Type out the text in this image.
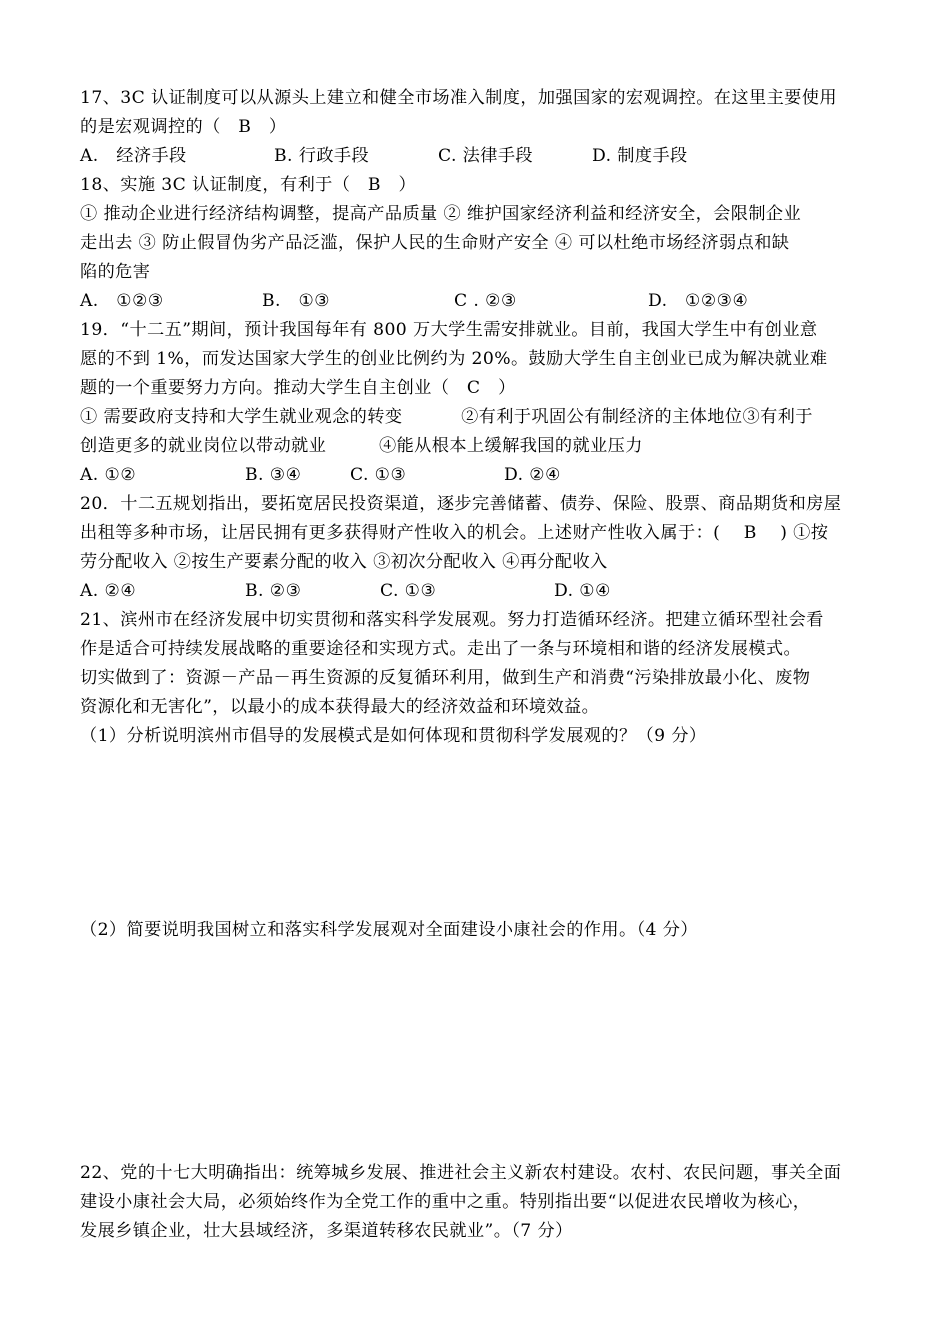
17、3C 认证制度可以从源头上建立和健全市场准入制度，加强国家的宏观调控。在这里主要使用
的是宏观调控的（   B   ）
A.   经济手段	B. 行政手段	C. 法律手段	D. 制度手段
18、实施 3C 认证制度，有利于（   B   ）
① 推动企业进行经济结构调整，提高产品质量 ② 维护国家经济利益和经济安全，会限制企业
走出去 ③ 防止假冒伪劣产品泛滥，保护人民的生命财产安全 ④ 可以杜绝市场经济弱点和缺
陷的危害
A.   ①②③	B.   ①③	C . ②③	D.   ①②③④
19．“十二五”期间，预计我国每年有 800 万大学生需安排就业。目前，我国大学生中有创业意
愿的不到 1%，而发达国家大学生的创业比例约为 20%。鼓励大学生自主创业已成为解决就业难
题的一个重要努力方向。推动大学生自主创业（   C   ）
① 需要政府支持和大学生就业观念的转变          ②有利于巩固公有制经济的主体地位③有利于
创造更多的就业岗位以带动就业         ④能从根本上缓解我国的就业压力
A. ①②	B. ③④	C. ①③	D. ②④
20．十二五规划指出，要拓宽居民投资渠道，逐步完善储蓄、债券、保险、股票、商品期货和房屋
出租等多种市场，让居民拥有更多获得财产性收入的机会。上述财产性收入属于：(    B    ) ①按
劳分配收入 ②按生产要素分配的收入 ③初次分配收入 ④再分配收入
A. ②④	B. ②③	C. ①③	D. ①④
21、滨州市在经济发展中切实贯彻和落实科学发展观。努力打造循环经济。把建立循环型社会看
作是适合可持续发展战略的重要途径和实现方式。走出了一条与环境相和谐的经济发展模式。
切实做到了：资源－产品－再生资源的反复循环利用，做到生产和消费“污染排放最小化、废物
资源化和无害化”，以最小的成本获得最大的经济效益和环境效益。
（1）分析说明滨州市倡导的发展模式是如何体现和贯彻科学发展观的？（9 分）
（2）简要说明我国树立和落实科学发展观对全面建设小康社会的作用。（4 分）
22、党的十七大明确指出：统筹城乡发展、推进社会主义新农村建设。农村、农民问题，事关全面
建设小康社会大局，必须始终作为全党工作的重中之重。特别指出要“以促进农民增收为核心，
发展乡镇企业，壮大县域经济，多渠道转移农民就业”。（7 分）
